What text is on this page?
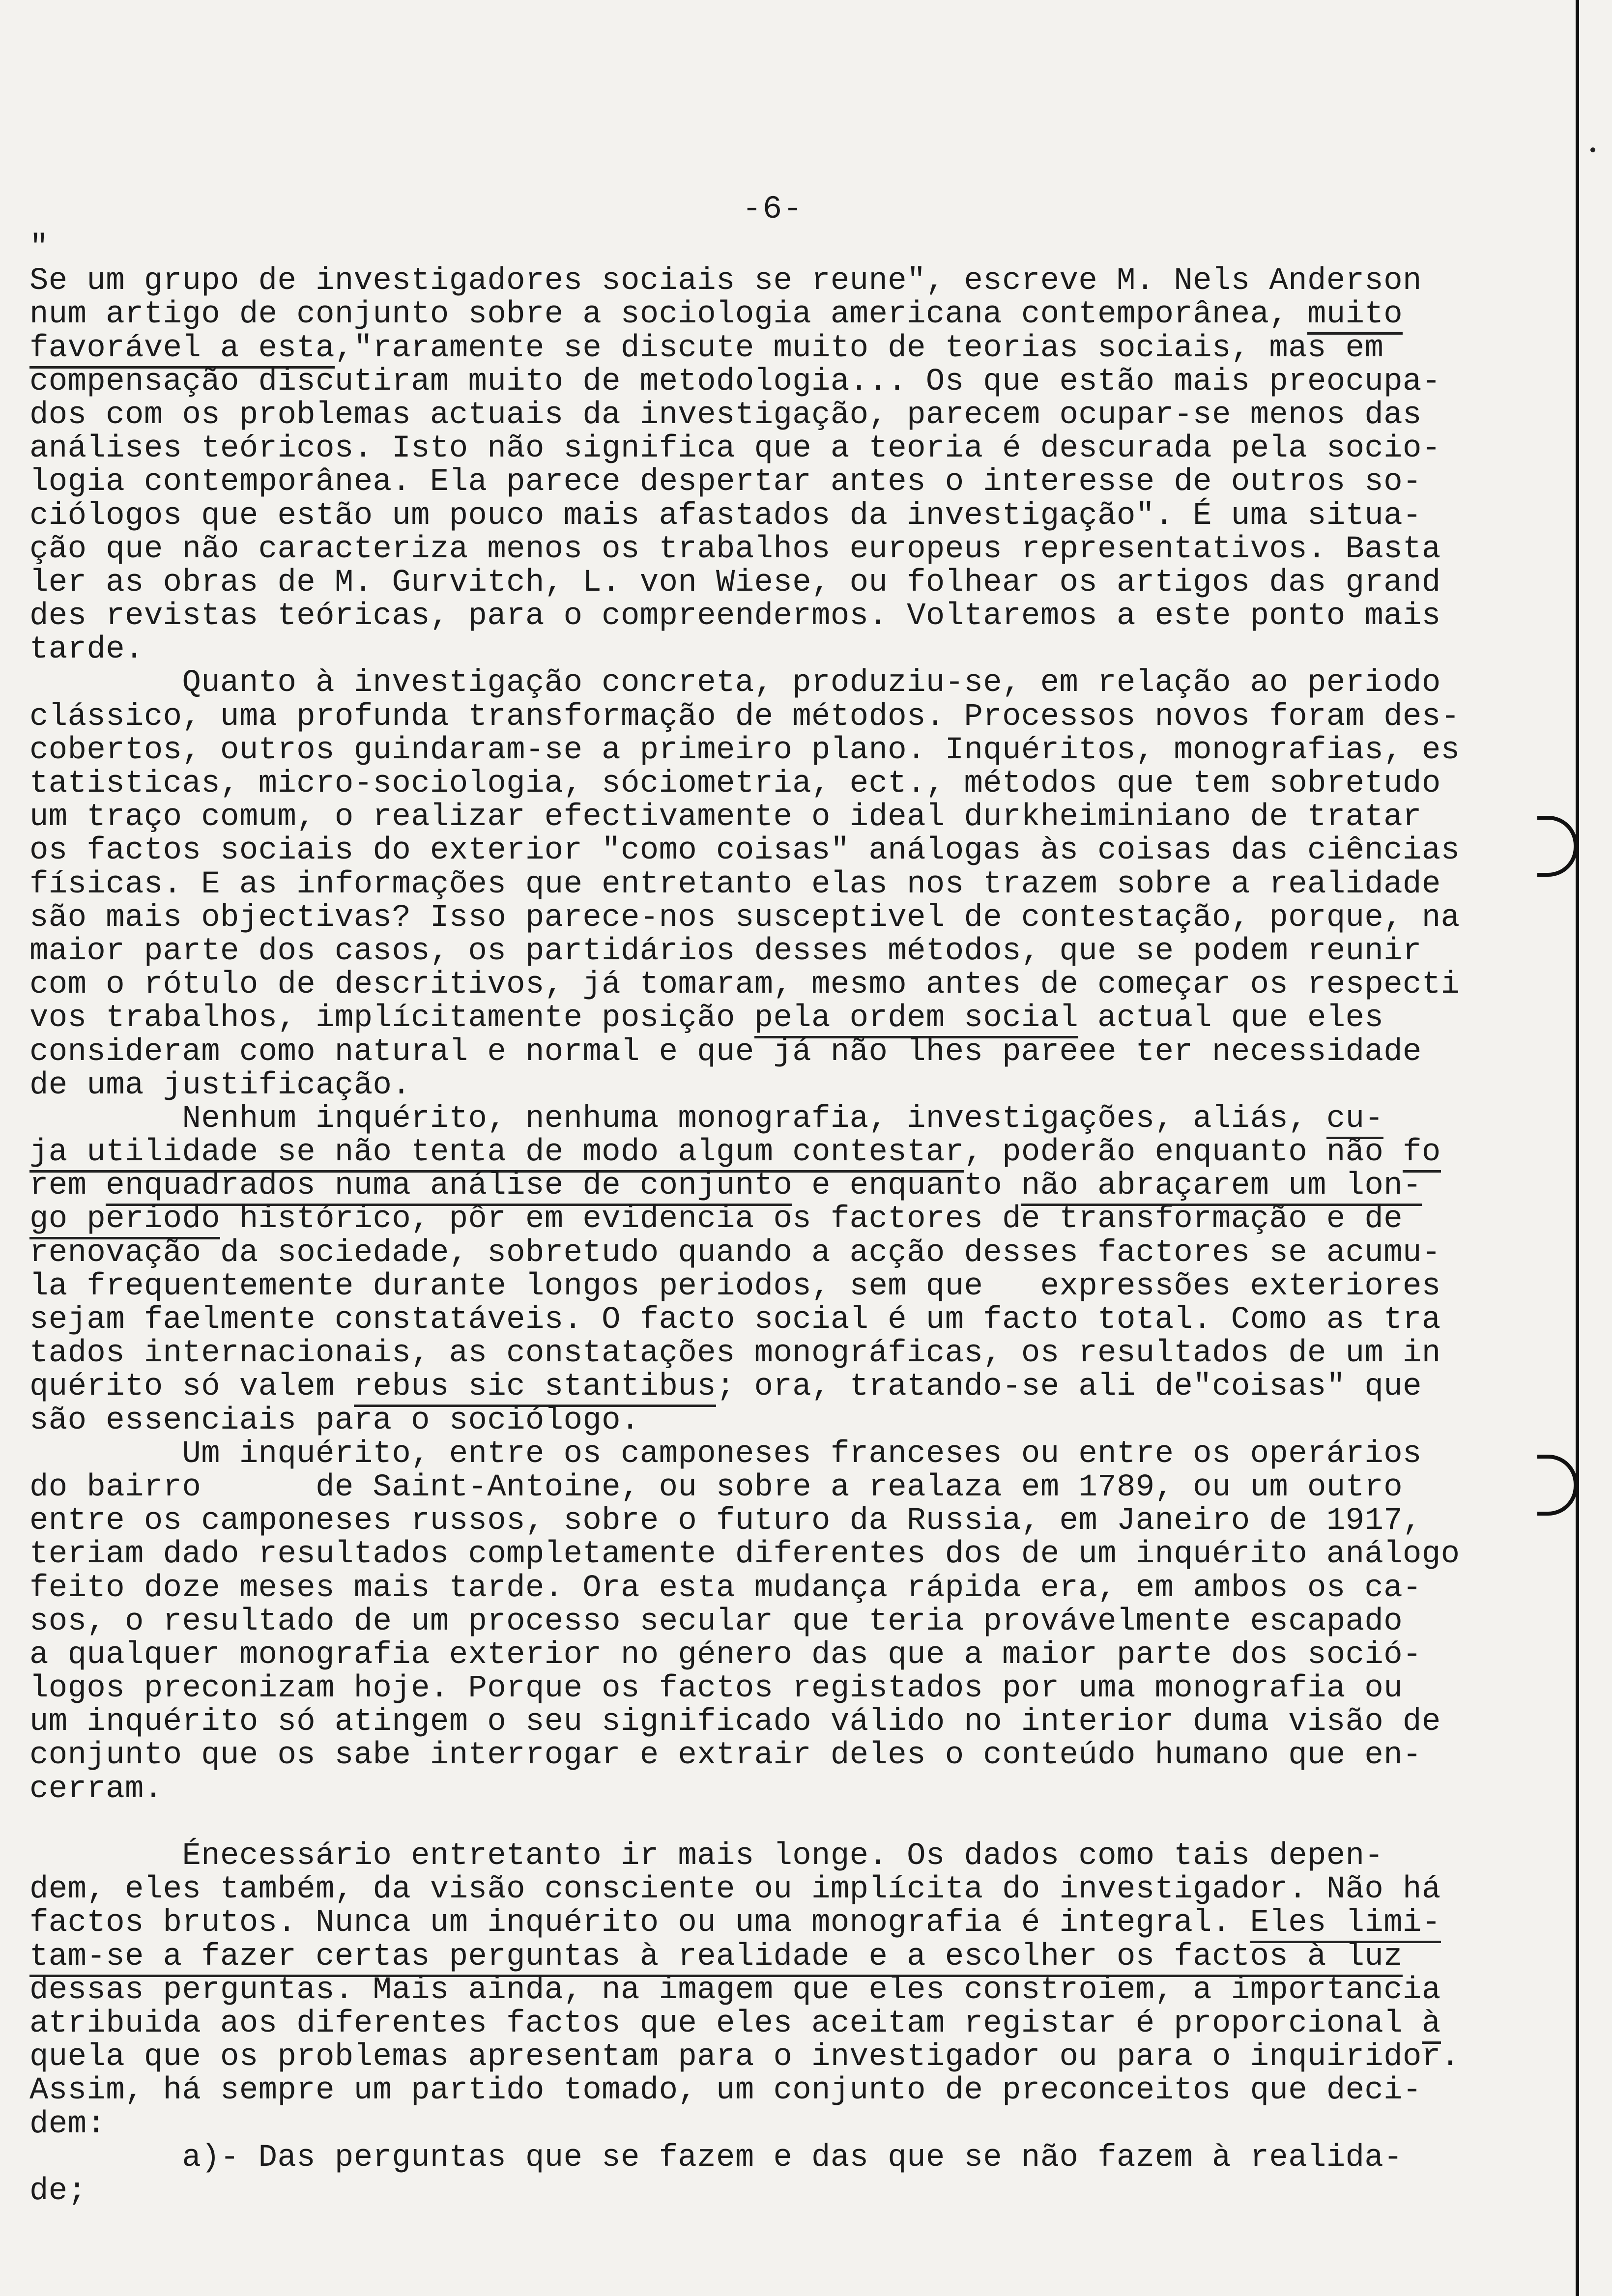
-6-
"
Se um grupo de investigadores sociais se reune", escreve M. Nels Anderson
num artigo de conjunto sobre a sociologia americana contemporânea, muito
favorável a esta,"raramente se discute muito de teorias sociais, mas em
compensação discutiram muito de metodologia... Os que estão mais preocupa-
dos com os problemas actuais da investigação, parecem ocupar-se menos das
análises teóricos. Isto não significa que a teoria é descurada pela socio-
logia contemporânea. Ela parece despertar antes o interesse de outros so-
ciólogos que estão um pouco mais afastados da investigação". É uma situa-
ção que não caracteriza menos os trabalhos europeus representativos. Basta
ler as obras de M. Gurvitch, L. von Wiese, ou folhear os artigos das grand
des revistas teóricas, para o compreendermos. Voltaremos a este ponto mais
tarde.
Quanto à investigação concreta, produziu-se, em relação ao periodo
clássico, uma profunda transformação de métodos. Processos novos foram des-
cobertos, outros guindaram-se a primeiro plano. Inquéritos, monografias, es
tatisticas, micro-sociologia, sóciometria, ect., métodos que tem sobretudo
um traço comum, o realizar efectivamente o ideal durkheiminiano de tratar
os factos sociais do exterior "como coisas" análogas às coisas das ciências
físicas. E as informações que entretanto elas nos trazem sobre a realidade
são mais objectivas? Isso parece-nos susceptivel de contestação, porque, na
maior parte dos casos, os partidários desses métodos, que se podem reunir
com o rótulo de descritivos, já tomaram, mesmo antes de começar os respecti
vos trabalhos, implícitamente posição pela ordem social actual que eles
consideram como natural e normal e que já não lhes pareee ter necessidade
de uma justificação.
Nenhum inquérito, nenhuma monografia, investigações, aliás, cu-
ja utilidade se não tenta de modo algum contestar, poderão enquanto não fo
rem enquadrados numa análise de conjunto e enquanto não abraçarem um lon-
go periodo histórico, pôr em evidencia os factores de transformação e de
renovação da sociedade, sobretudo quando a acção desses factores se acumu-
la frequentemente durante longos periodos, sem que   expressões exteriores
sejam faelmente constatáveis. O facto social é um facto total. Como as tra
tados internacionais, as constatações monográficas, os resultados de um in
quérito só valem rebus sic stantibus; ora, tratando-se ali de"coisas" que
são essenciais para o sociólogo.
Um inquérito, entre os camponeses franceses ou entre os operários
do bairro      de Saint-Antoine, ou sobre a realaza em 1789, ou um outro
entre os camponeses russos, sobre o futuro da Russia, em Janeiro de 1917,
teriam dado resultados completamente diferentes dos de um inquérito análogo
feito doze meses mais tarde. Ora esta mudança rápida era, em ambos os ca-
sos, o resultado de um processo secular que teria provávelmente escapado
a qualquer monografia exterior no género das que a maior parte dos soció-
logos preconizam hoje. Porque os factos registados por uma monografia ou
um inquérito só atingem o seu significado válido no interior duma visão de
conjunto que os sabe interrogar e extrair deles o conteúdo humano que en-
cerram.
Énecessário entretanto ir mais longe. Os dados como tais depen-
dem, eles também, da visão consciente ou implícita do investigador. Não há
factos brutos. Nunca um inquérito ou uma monografia é integral. Eles limi-
tam-se a fazer certas perguntas à realidade e a escolher os factos à luz
dessas perguntas. Mais ainda, na imagem que eles constroiem, a importancia
atribuida aos diferentes factos que eles aceitam registar é proporcional à
quela que os problemas apresentam para o investigador ou para o inquiridor.
Assim, há sempre um partido tomado, um conjunto de preconceitos que deci-
dem:
a)- Das perguntas que se fazem e das que se não fazem à realida-
de;
